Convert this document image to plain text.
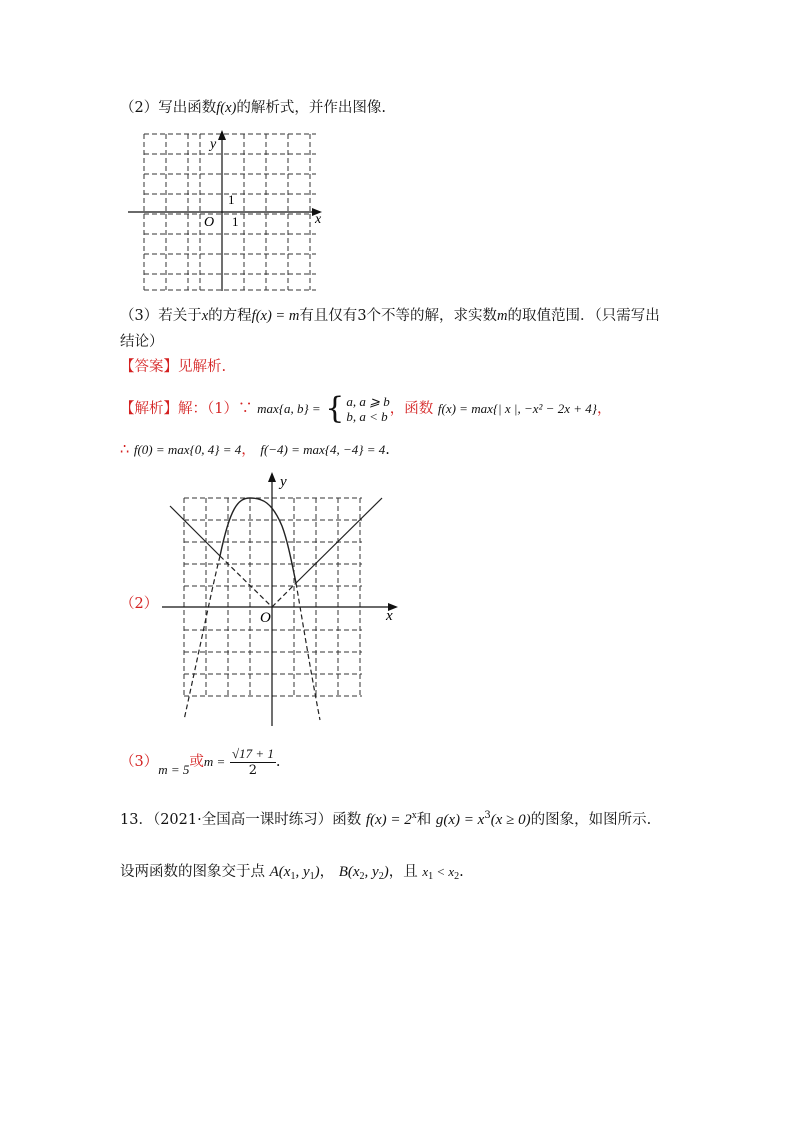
（2）写出函数f(x)的解析式，并作出图像.
y
x
O 1
1
（3）若关于x的方程f(x) = m有且仅有3个不等的解，求实数m的取值范围．（只需写出
结论）
【答案】见解析.
【解析】解：（1）∵ max{a, b} = { a, a ⩾ b
b, a < b ，函数 f(x) = max{| x |, −x² − 2x + 4}，
∴ f(0) = max{0, 4} = 4， f(−4) = max{4, −4} = 4.
（2）
y
x
O
（3）m = 5或$m = \frac{√17 + 1}{2}$ .
13．（2021·全国高一课时练习）函数 $f(x) = 2^x$和 $g(x) = x^3(x \ge 0)$的图象，如图所示.
设两函数的图象交于点 $A(x_1$, $y_1$)， $B(x_2$, $y_2$)，且 $x_1 < x_2$.
